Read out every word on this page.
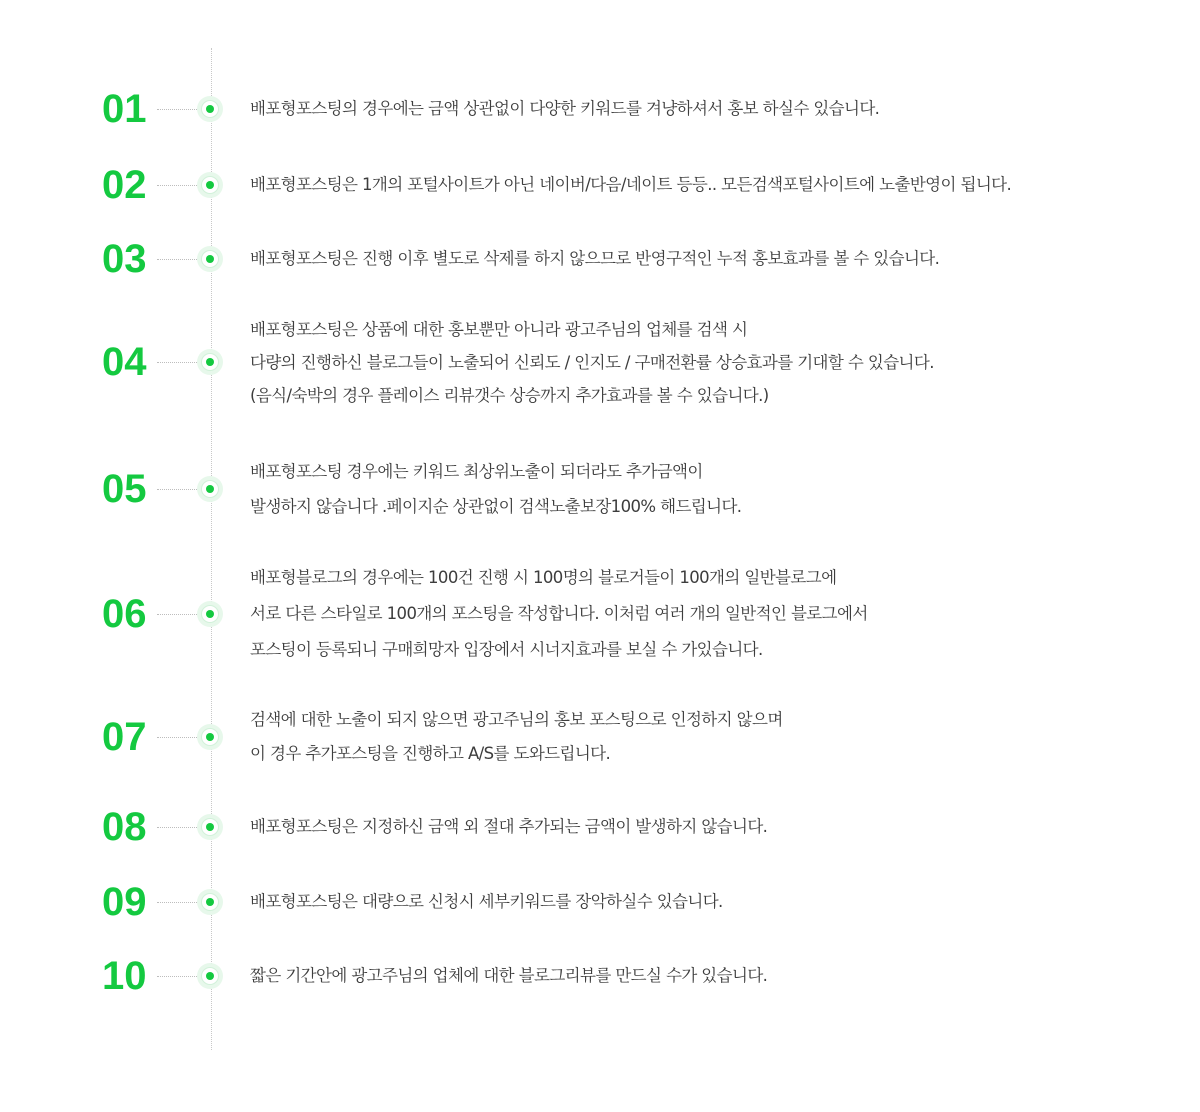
01	배포형포스팅의 경우에는 금액 상관없이 다양한 키워드를 겨냥하셔서 홍보 하실수 있습니다.
02	배포형포스팅은 1개의 포털사이트가 아닌 네이버/다음/네이트 등등.. 모든검색포털사이트에 노출반영이 됩니다.
03	배포형포스팅은 진행 이후 별도로 삭제를 하지 않으므로 반영구적인 누적 홍보효과를 볼 수 있습니다.
04
배포형포스팅은 상품에 대한 홍보뿐만 아니라 광고주님의 업체를 검색 시
다량의 진행하신 블로그들이 노출되어 신뢰도 / 인지도 / 구매전환률 상승효과를 기대할 수 있습니다.
(음식/숙박의 경우 플레이스 리뷰갯수 상승까지 추가효과를 볼 수 있습니다.)
05	배포형포스팅 경우에는 키워드 최상위노출이 되더라도 추가금액이
발생하지 않습니다 .페이지순 상관없이 검색노출보장100% 해드립니다.
06
배포형블로그의 경우에는 100건 진행 시 100명의 블로거들이 100개의 일반블로그에
서로 다른 스타일로 100개의 포스팅을 작성합니다. 이처럼 여러 개의 일반적인 블로그에서
포스팅이 등록되니 구매희망자 입장에서 시너지효과를 보실 수 가있습니다.
07	검색에 대한 노출이 되지 않으면 광고주님의 홍보 포스팅으로 인정하지 않으며
이 경우 추가포스팅을 진행하고 A/S를 도와드립니다.
08	배포형포스팅은 지정하신 금액 외 절대 추가되는 금액이 발생하지 않습니다.
09	배포형포스팅은 대량으로 신청시 세부키워드를 장악하실수 있습니다.
10	짧은 기간안에 광고주님의 업체에 대한 블로그리뷰를 만드실 수가 있습니다.
